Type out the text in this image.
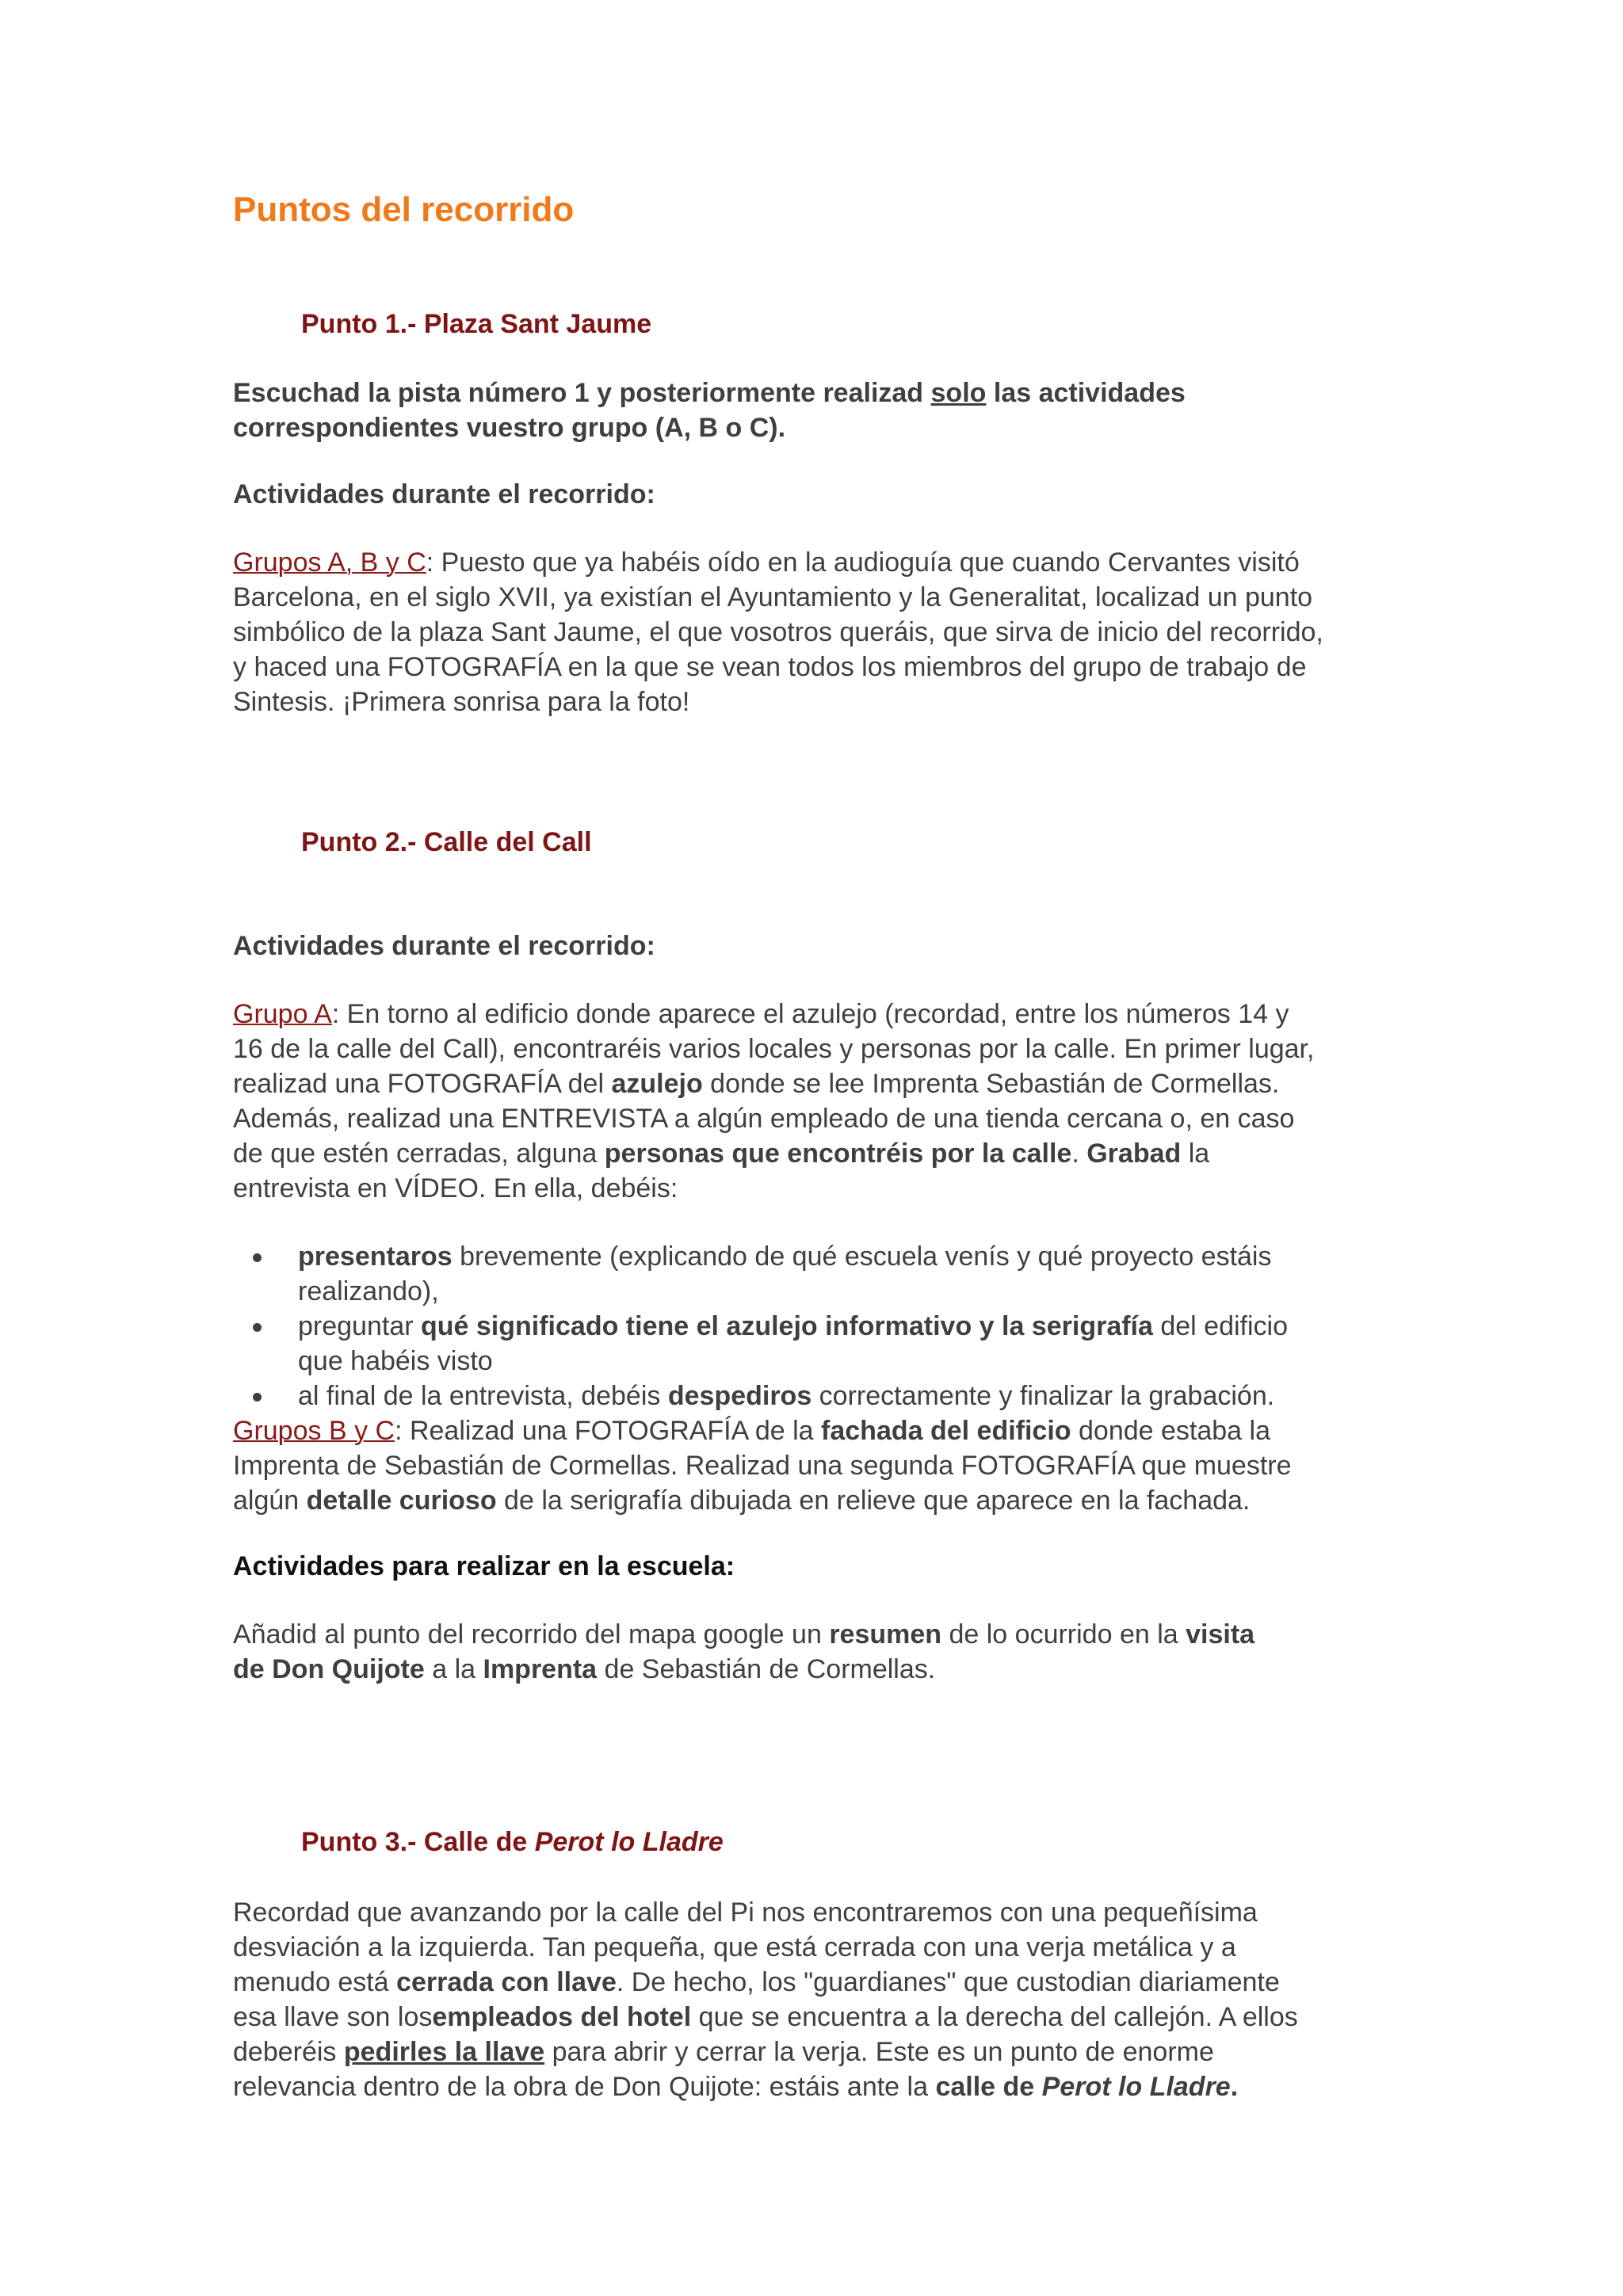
Puntos del recorrido
Punto 1.- Plaza Sant Jaume
Escuchad la pista número 1 y posteriormente realizad solo las actividades
correspondientes vuestro grupo (A, B o C).
Actividades durante el recorrido:
Grupos A, B y C: Puesto que ya habéis oído en la audioguía que cuando Cervantes visitó
Barcelona, en el siglo XVII, ya existían el Ayuntamiento y la Generalitat, localizad un punto
simbólico de la plaza Sant Jaume, el que vosotros queráis, que sirva de inicio del recorrido,
y haced una FOTOGRAFÍA en la que se vean todos los miembros del grupo de trabajo de
Sintesis. ¡Primera sonrisa para la foto!
Punto 2.- Calle del Call
Actividades durante el recorrido:
Grupo A: En torno al edificio donde aparece el azulejo (recordad, entre los números 14 y
16 de la calle del Call), encontraréis varios locales y personas por la calle. En primer lugar,
realizad una FOTOGRAFÍA del azulejo donde se lee Imprenta Sebastián de Cormellas.
Además, realizad una ENTREVISTA a algún empleado de una tienda cercana o, en caso
de que estén cerradas, alguna personas que encontréis por la calle. Grabad la
entrevista en VÍDEO. En ella, debéis:
presentaros brevemente (explicando de qué escuela venís y qué proyecto estáis
realizando),
preguntar qué significado tiene el azulejo informativo y la serigrafía del edificio
que habéis visto
al final de la entrevista, debéis despediros correctamente y finalizar la grabación.
Grupos B y C: Realizad una FOTOGRAFÍA de la fachada del edificio donde estaba la
Imprenta de Sebastián de Cormellas. Realizad una segunda FOTOGRAFÍA que muestre
algún detalle curioso de la serigrafía dibujada en relieve que aparece en la fachada.
Actividades para realizar en la escuela:
Añadid al punto del recorrido del mapa google un resumen de lo ocurrido en la visita
de Don Quijote a la Imprenta de Sebastián de Cormellas.
Punto 3.- Calle de Perot lo Lladre
Recordad que avanzando por la calle del Pi nos encontraremos con una pequeñísima
desviación a la izquierda. Tan pequeña, que está cerrada con una verja metálica y a
menudo está cerrada con llave. De hecho, los "guardianes" que custodian diariamente
esa llave son losempleados del hotel que se encuentra a la derecha del callejón. A ellos
deberéis pedirles la llave para abrir y cerrar la verja. Este es un punto de enorme
relevancia dentro de la obra de Don Quijote: estáis ante la calle de Perot lo Lladre.
